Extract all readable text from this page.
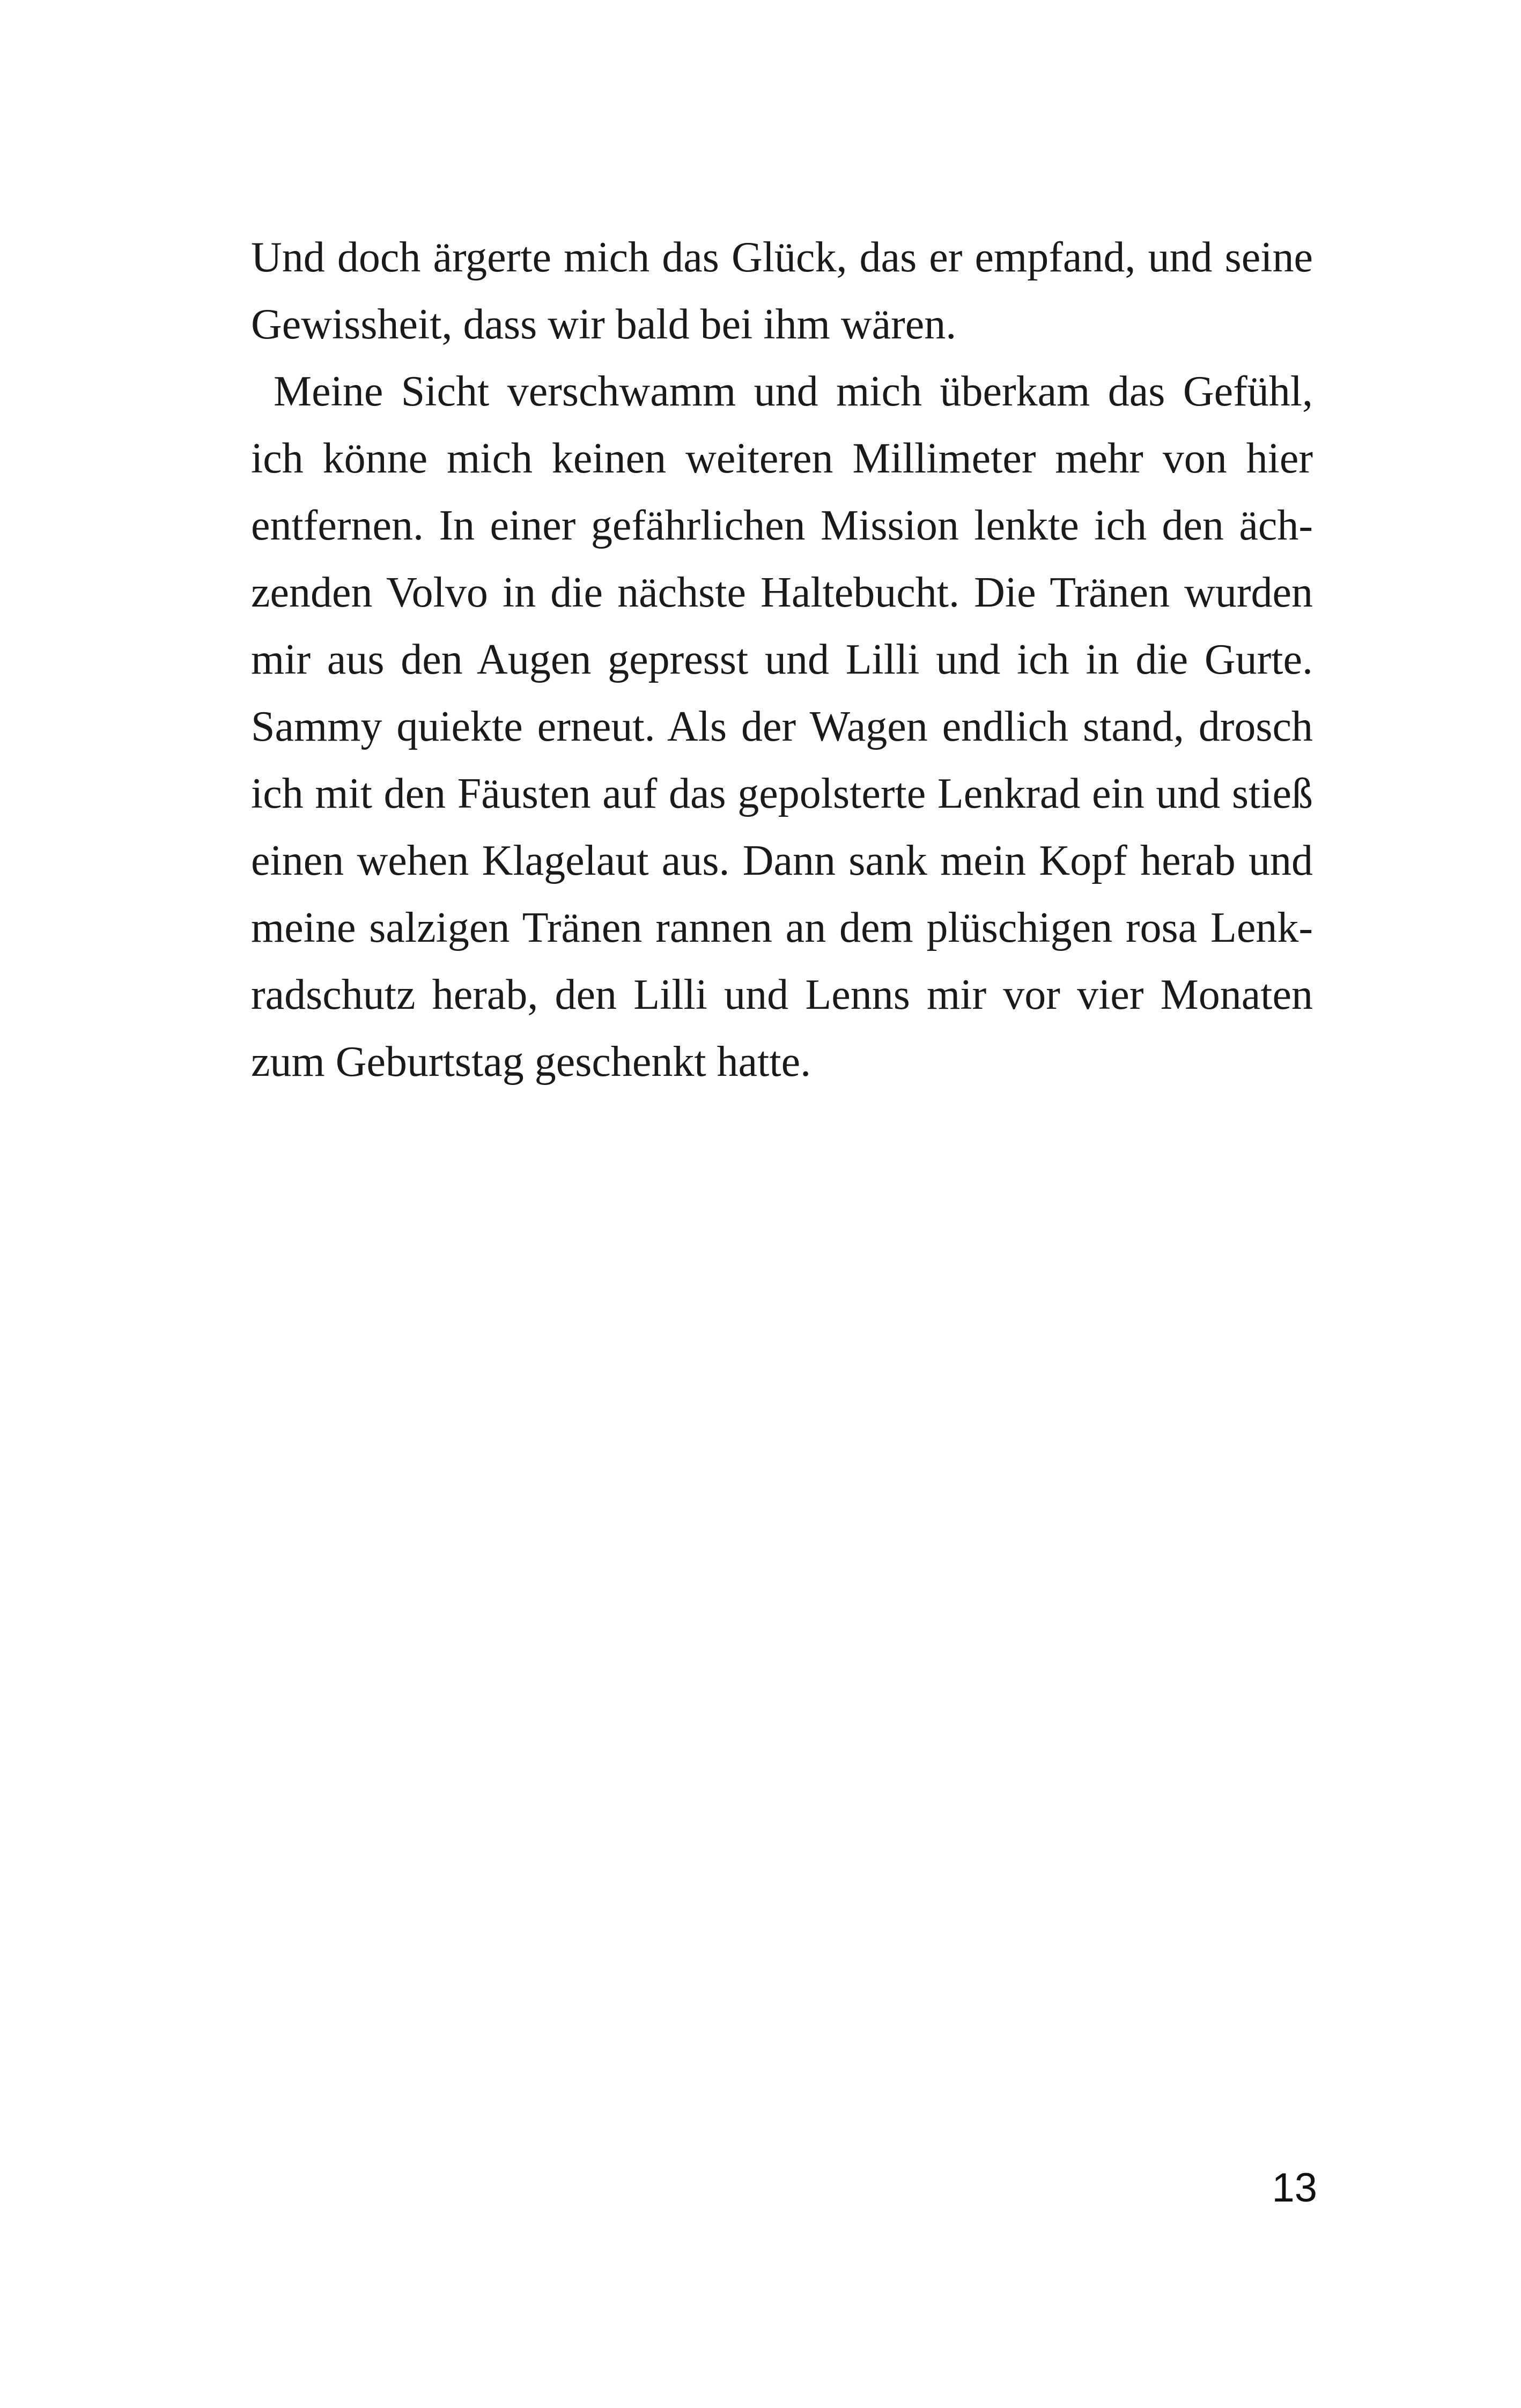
Und doch ärgerte mich das Glück, das er empfand, und seine
Gewissheit, dass wir bald bei ihm wären.
Meine Sicht verschwamm und mich überkam das Gefühl,
ich könne mich keinen weiteren Millimeter mehr von hier
entfernen. In einer gefährlichen Mission lenkte ich den äch-
zenden Volvo in die nächste Haltebucht. Die Tränen wurden
mir aus den Augen gepresst und Lilli und ich in die Gurte.
Sammy quiekte erneut. Als der Wagen endlich stand, drosch
ich mit den Fäusten auf das gepolsterte Lenkrad ein und stieß
einen wehen Klagelaut aus. Dann sank mein Kopf herab und
meine salzigen Tränen rannen an dem plüschigen rosa Lenk-
radschutz herab, den Lilli und Lenns mir vor vier Monaten
zum Geburtstag geschenkt hatte.
13
